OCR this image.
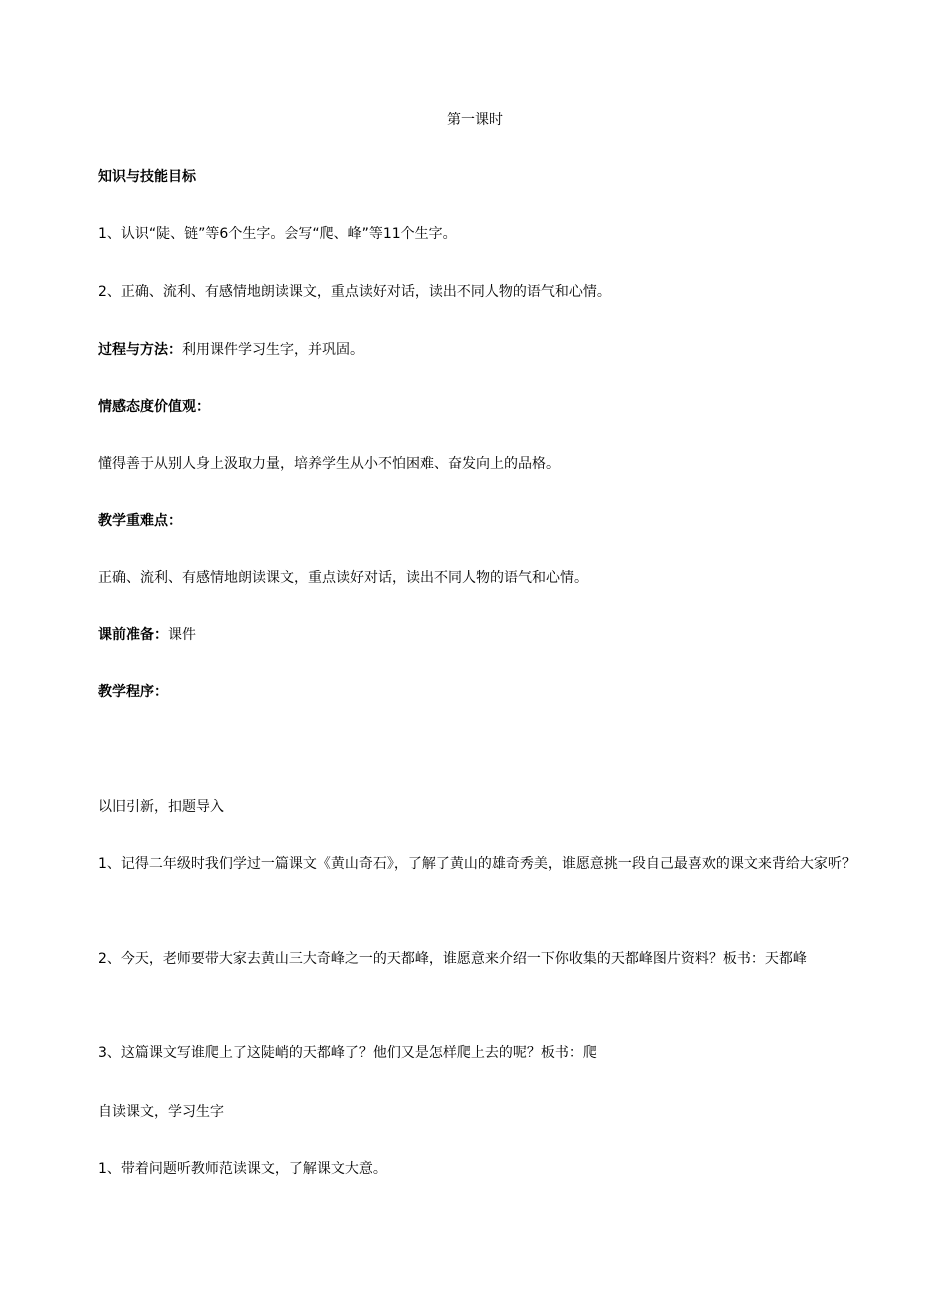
第一课时
知识与技能目标
1、认识“陡、链”等6个生字。会写“爬、峰”等11个生字。
2、正确、流利、有感情地朗读课文，重点读好对话，读出不同人物的语气和心情。
过程与方法：利用课件学习生字，并巩固。
情感态度价值观：
懂得善于从别人身上汲取力量，培养学生从小不怕困难、奋发向上的品格。
教学重难点：
正确、流利、有感情地朗读课文，重点读好对话，读出不同人物的语气和心情。
课前准备：课件
教学程序：
以旧引新，扣题导入
1、记得二年级时我们学过一篇课文《黄山奇石》，了解了黄山的雄奇秀美，谁愿意挑一段自己最喜欢的课文来背给大家听？
2、今天，老师要带大家去黄山三大奇峰之一的天都峰，谁愿意来介绍一下你收集的天都峰图片资料？板书：天都峰
3、这篇课文写谁爬上了这陡峭的天都峰了？他们又是怎样爬上去的呢？板书：爬
自读课文，学习生字
1、带着问题听教师范读课文，了解课文大意。
